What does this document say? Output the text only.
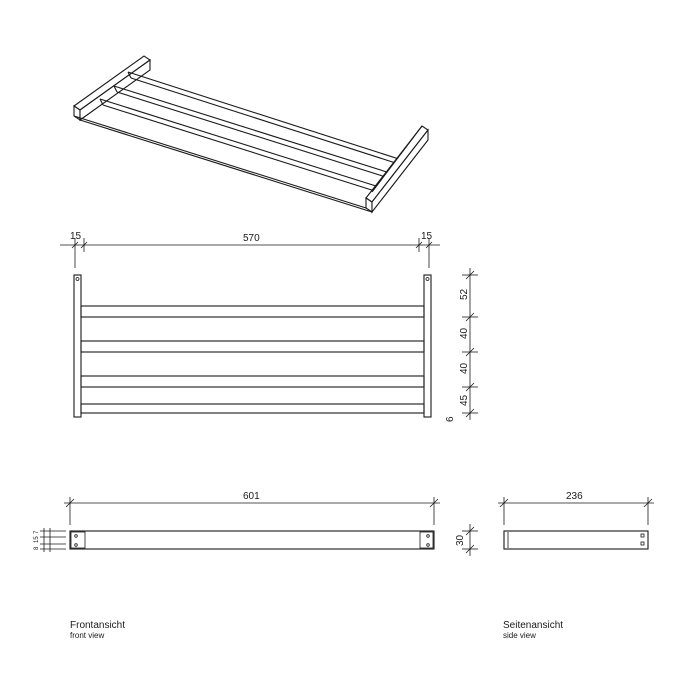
15	570	15
52
40
40
45
6
601
8
15
7
30
236
Frontansicht
front view
Seitenansicht
side view
